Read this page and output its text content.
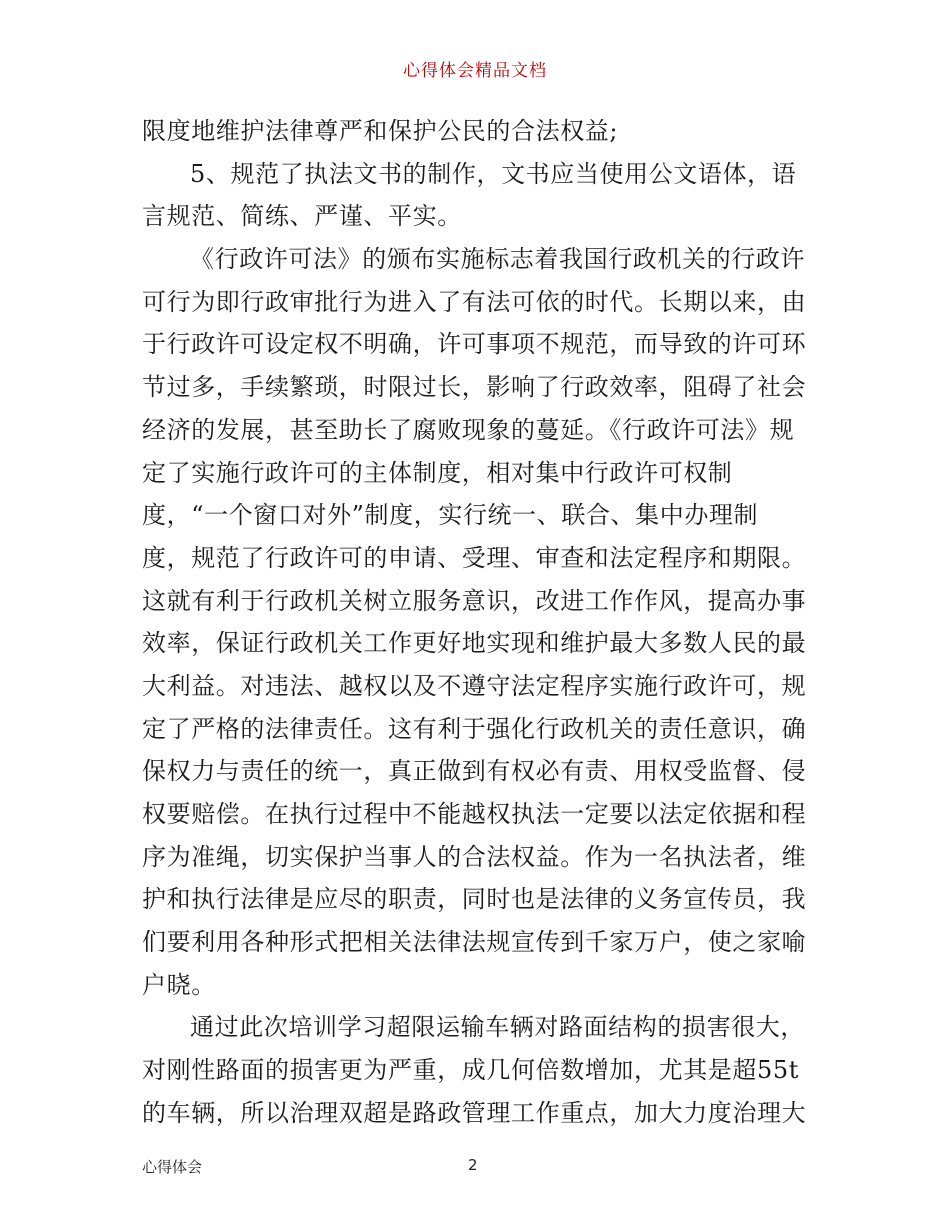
心得体会精品文档
限度地维护法律尊严和保护公民的合法权益;
5、规范了执法文书的制作，文书应当使用公文语体，语
言规范、简练、严谨、平实。
《行政许可法》的颁布实施标志着我国行政机关的行政许
可行为即行政审批行为进入了有法可依的时代。长期以来，由
于行政许可设定权不明确，许可事项不规范，而导致的许可环
节过多，手续繁琐，时限过长，影响了行政效率，阻碍了社会
经济的发展，甚至助长了腐败现象的蔓延。《行政许可法》规
定了实施行政许可的主体制度，相对集中行政许可权制
度，“一个窗口对外”制度，实行统一、联合、集中办理制
度，规范了行政许可的申请、受理、审查和法定程序和期限。
这就有利于行政机关树立服务意识，改进工作作风，提高办事
效率，保证行政机关工作更好地实现和维护最大多数人民的最
大利益。对违法、越权以及不遵守法定程序实施行政许可，规
定了严格的法律责任。这有利于强化行政机关的责任意识，确
保权力与责任的统一，真正做到有权必有责、用权受监督、侵
权要赔偿。在执行过程中不能越权执法一定要以法定依据和程
序为准绳，切实保护当事人的合法权益。作为一名执法者，维
护和执行法律是应尽的职责，同时也是法律的义务宣传员，我
们要利用各种形式把相关法律法规宣传到千家万户，使之家喻
户晓。
通过此次培训学习超限运输车辆对路面结构的损害很大，
对刚性路面的损害更为严重，成几何倍数增加，尤其是超55t
的车辆，所以治理双超是路政管理工作重点，加大力度治理大
心得体会	2
